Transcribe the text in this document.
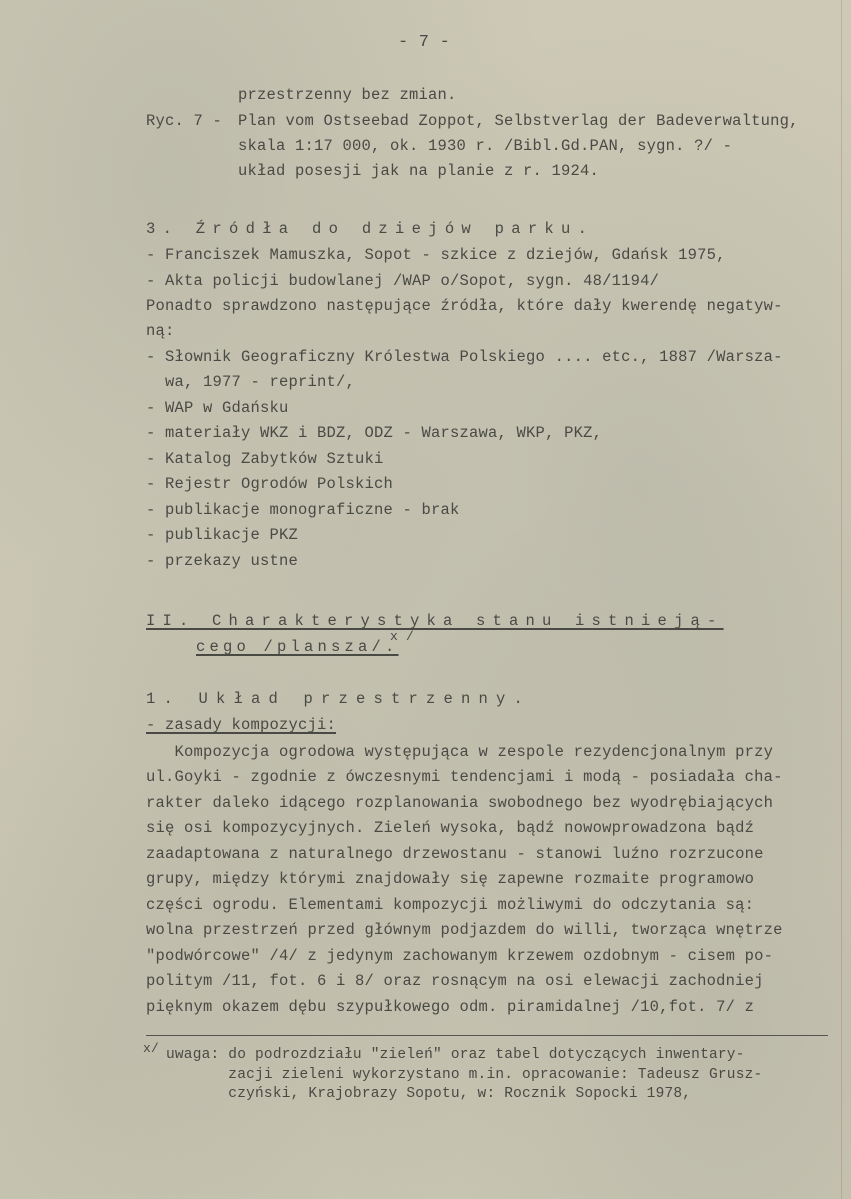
- 7 -
przestrzenny bez zmian.
Ryc. 7 - Plan vom Ostseebad Zoppot, Selbstverlag der Badeverwaltung,
skala 1:17 000, ok. 1930 r. /Bibl.Gd.PAN, sygn. ?/ -
układ posesji jak na planie z r. 1924.
3. Źródła do dziejów parku.
- Franciszek Mamuszka, Sopot - szkice z dziejów, Gdańsk 1975,
- Akta policji budowlanej /WAP o/Sopot, sygn. 48/1194/
Ponadto sprawdzono następujące źródła, które dały kwerendę negatyw-
ną:
- Słownik Geograficzny Królestwa Polskiego .... etc., 1887 /Warsza-
wa, 1977 - reprint/,
- WAP w Gdańsku
- materiały WKZ i BDZ, ODZ - Warszawa, WKP, PKZ,
- Katalog Zabytków Sztuki
- Rejestr Ogrodów Polskich
- publikacje monograficzne - brak
- publikacje PKZ
- przekazy ustne
II. Charakterystyka stanu istnieją-
cego /plansza/.
x /
1. Układ przestrzenny.
- zasady kompozycji:
Kompozycja ogrodowa występująca w zespole rezydencjonalnym przy
ul.Goyki - zgodnie z ówczesnymi tendencjami i modą - posiadała cha-
rakter daleko idącego rozplanowania swobodnego bez wyodrębiających
się osi kompozycyjnych. Zieleń wysoka, bądź nowowprowadzona bądź
zaadaptowana z naturalnego drzewostanu - stanowi luźno rozrzucone
grupy, między którymi znajdowały się zapewne rozmaite programowo
części ogrodu. Elementami kompozycji możliwymi do odczytania są:
wolna przestrzeń przed głównym podjazdem do willi, tworząca wnętrze
"podwórcowe" /4/ z jedynym zachowanym krzewem ozdobnym - cisem po-
politym /11, fot. 6 i 8/ oraz rosnącym na osi elewacji zachodniej
pięknym okazem dębu szypułkowego odm. piramidalnej /10,fot. 7/ z
x/ uwaga: do podrozdziału "zieleń" oraz tabel dotyczących inwentary-
zacji zieleni wykorzystano m.in. opracowanie: Tadeusz Grusz-
czyński, Krajobrazy Sopotu, w: Rocznik Sopocki 1978,
